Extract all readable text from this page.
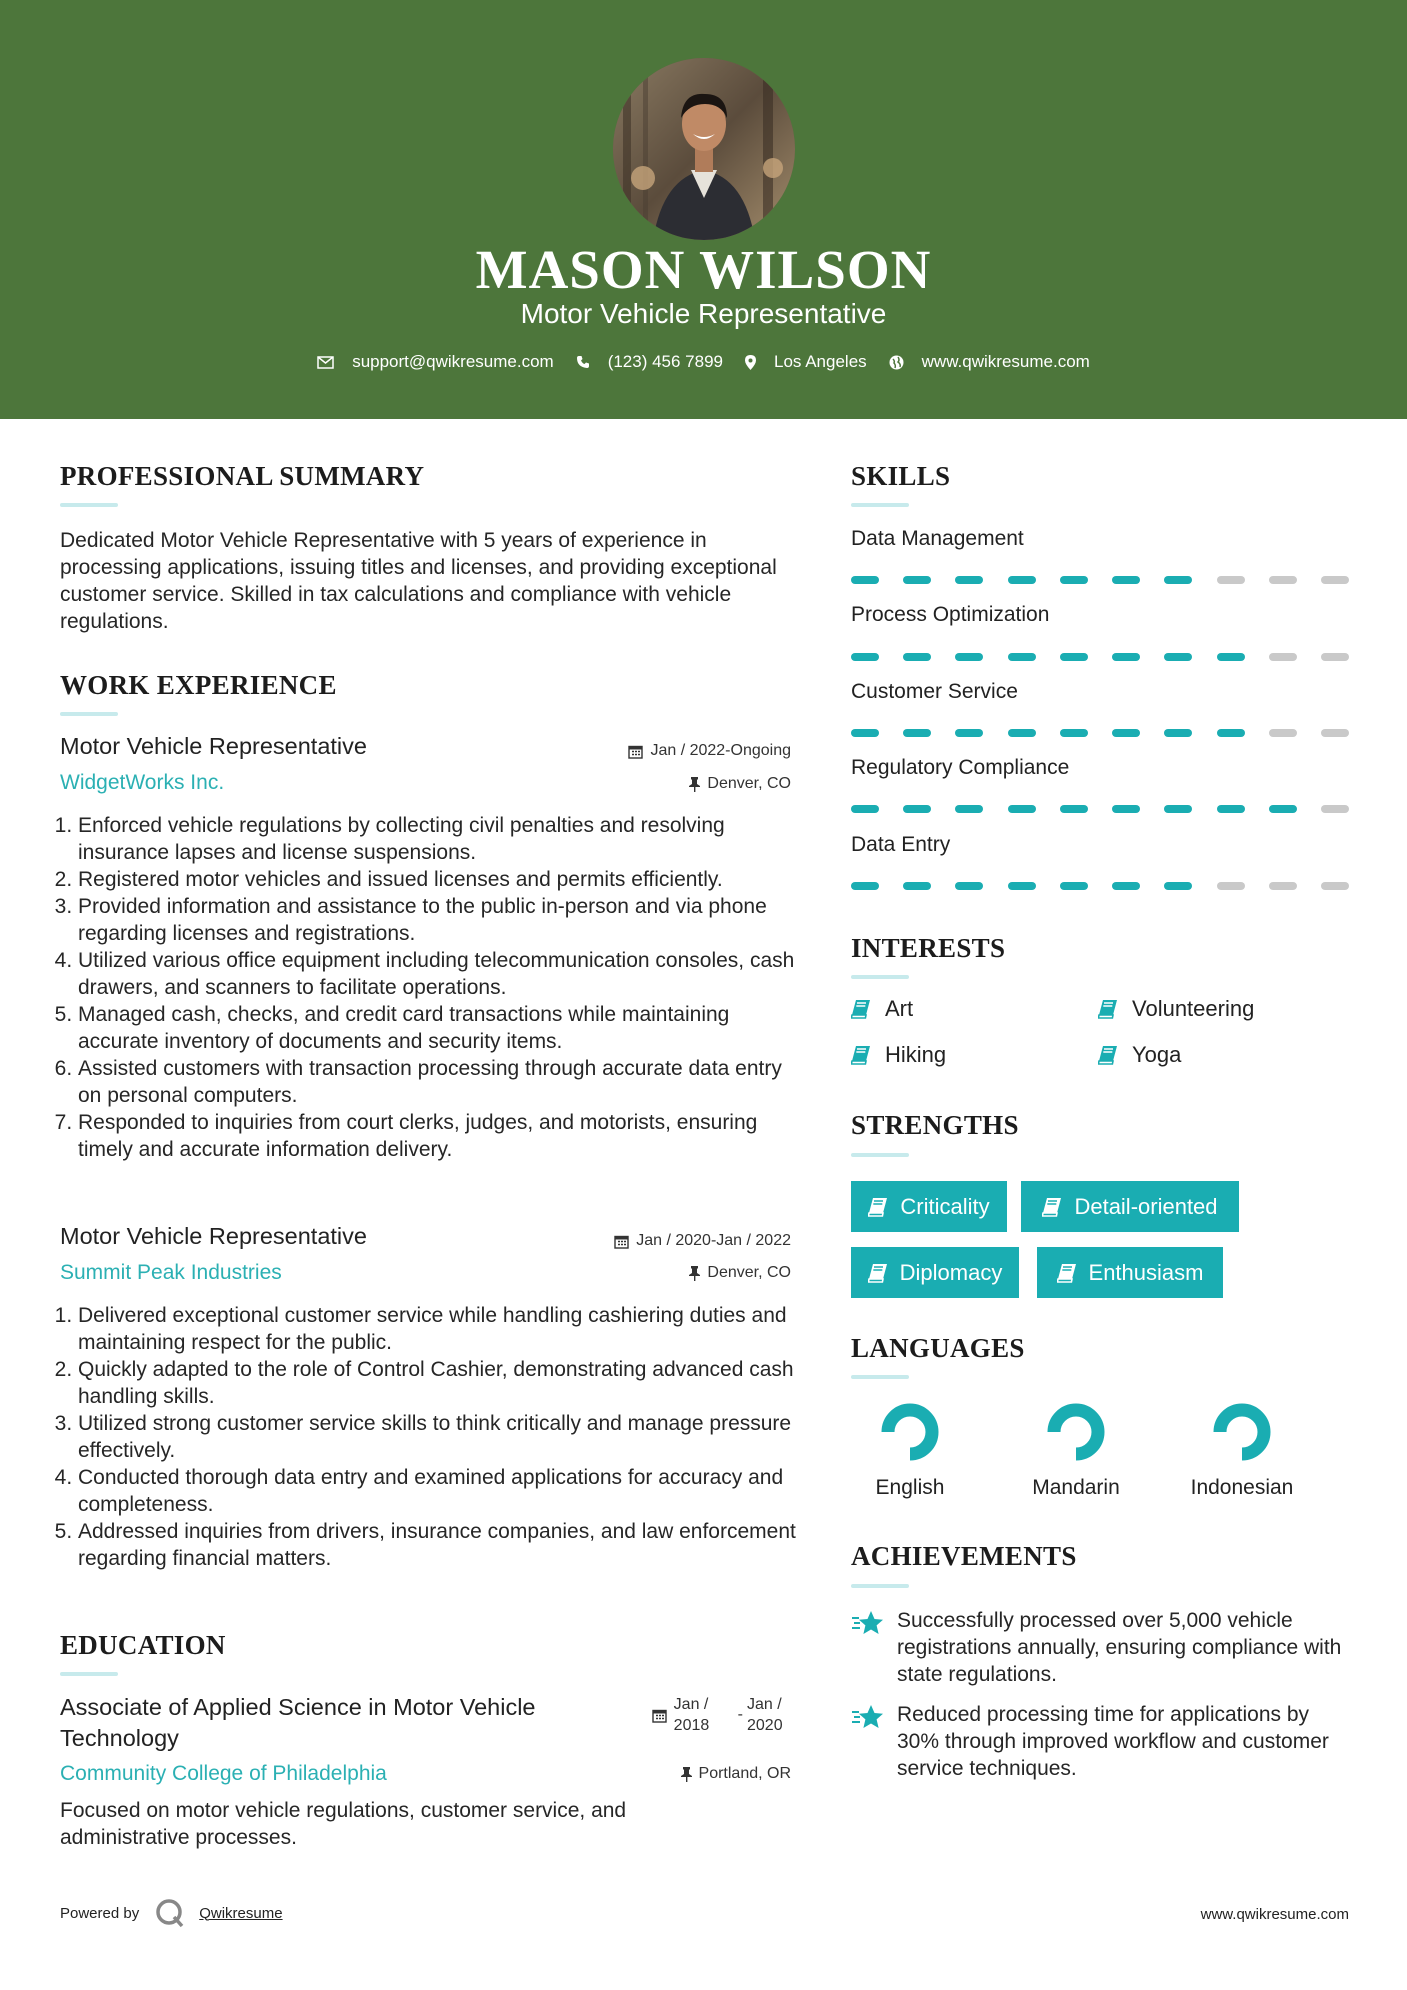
MASON WILSON
Motor Vehicle Representative
support@qwikresume.com	(123) 456 7899	Los Angeles	www.qwikresume.com
PROFESSIONAL SUMMARY
Dedicated Motor Vehicle Representative with 5 years of experience in processing applications, issuing titles and licenses, and providing exceptional customer service. Skilled in tax calculations and compliance with vehicle regulations.
WORK EXPERIENCE
Motor Vehicle Representative
WidgetWorks Inc.
Jan / 2022-Ongoing
Denver, CO
1. Enforced vehicle regulations by collecting civil penalties and resolving insurance lapses and license suspensions.
2. Registered motor vehicles and issued licenses and permits efficiently.
3. Provided information and assistance to the public in-person and via phone regarding licenses and registrations.
4. Utilized various office equipment including telecommunication consoles, cash drawers, and scanners to facilitate operations.
5. Managed cash, checks, and credit card transactions while maintaining accurate inventory of documents and security items.
6. Assisted customers with transaction processing through accurate data entry on personal computers.
7. Responded to inquiries from court clerks, judges, and motorists, ensuring timely and accurate information delivery.
Motor Vehicle Representative
Summit Peak Industries
Jan / 2020-Jan / 2022
Denver, CO
1. Delivered exceptional customer service while handling cashiering duties and maintaining respect for the public.
2. Quickly adapted to the role of Control Cashier, demonstrating advanced cash handling skills.
3. Utilized strong customer service skills to think critically and manage pressure effectively.
4. Conducted thorough data entry and examined applications for accuracy and completeness.
5. Addressed inquiries from drivers, insurance companies, and law enforcement regarding financial matters.
EDUCATION
Associate of Applied Science in Motor Vehicle Technology
Jan / 2018
-
Jan / 2020
Community College of Philadelphia	Portland, OR
Focused on motor vehicle regulations, customer service, and administrative processes.
SKILLS
Data Management
Process Optimization
Customer Service
Regulatory Compliance
Data Entry
INTERESTS
Art	Volunteering
Hiking	Yoga
STRENGTHS
Criticality	Detail-oriented
Diplomacy	Enthusiasm
LANGUAGES
English	Mandarin	Indonesian
ACHIEVEMENTS
Successfully processed over 5,000 vehicle registrations annually, ensuring compliance with state regulations.
Reduced processing time for applications by 30% through improved workflow and customer service techniques.
Powered by	Qwikresume	www.qwikresume.com
